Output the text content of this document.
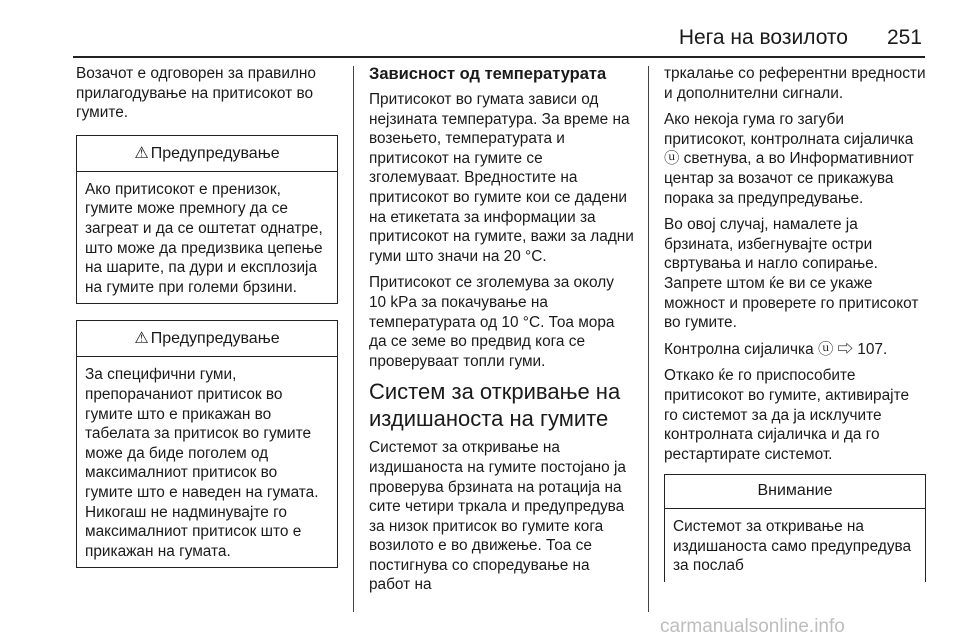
Нега на возилото	251

Возачот е одговорен за правилно прилагодување на притисокот во гумите.

⚠ Предупредување

Ако притисокот е пренизок, гумите може премногу да се загреат и да се оштетат однатре, што може да предизвика цепење на шарите, па дури и експлозија на гумите при големи брзини.

⚠ Предупредување

За специфични гуми, препорачаниот притисок во гумите што е прикажан во табелата за притисок во гумите може да биде поголем од максималниот притисок во гумите што е наведен на гумата. Никогаш не надминувајте го максималниот притисок што е прикажан на гумата.

Зависност од температурата

Притисокот во гумата зависи од нејзината температура. За време на возењето, температурата и притисокот на гумите се зголемуваат. Вредностите на притисокот во гумите кои се дадени на етикетата за информации за притисокот на гумите, важи за ладни гуми што значи на 20 °C.

Притисокот се зголемува за околу 10 kPa за покачување на температурата од 10 °C. Тоа мора да се земе во предвид кога се проверуваат топли гуми.

Систем за откривање на издишаноста на гумите

Системот за откривање на издишаноста на гумите постојано ја проверува брзината на ротација на сите четири тркала и предупредува за низок притисок во гумите кога возилото е во движење. Тоа се постигнува со споредување на работ на

тркалање со референтни вредности и дополнителни сигнали.

Ако некоја гума го загуби притисокот, контролната сијаличка ⓤ светнува, а во Информативниот центар за возачот се прикажува порака за предупредување.

Во овој случај, намалете ја брзината, избегнувајте остри свртувања и нагло сопирање. Запрете штом ќе ви се укаже можност и проверете го притисокот во гумите.

Контролна сијаличка ⓤ ⇨ 107.

Откако ќе го приспособите притисокот во гумите, активирајте го системот за да ја исклучите контролната сијаличка и да го рестартирате системот.

Внимание

Системот за откривање на издишаноста само предупредува за послаб

carmanualsonline.info
